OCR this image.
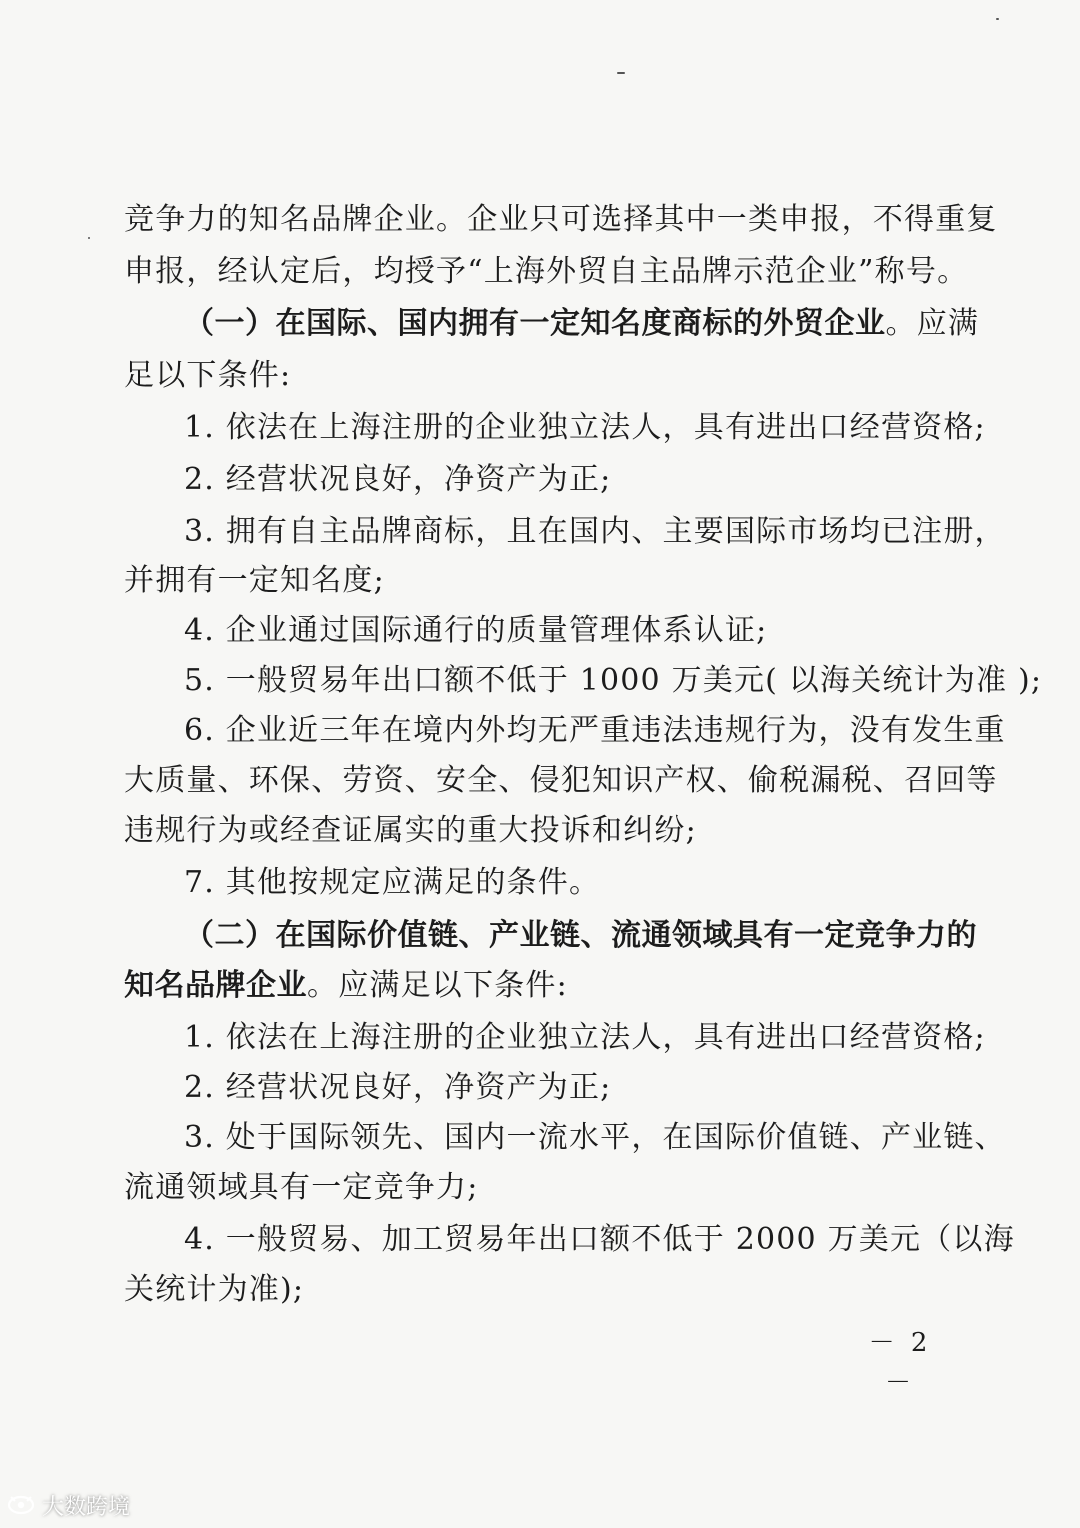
竞争力的知名品牌企业。企业只可选择其中一类申报，不得重复
申报，经认定后，均授予“上海外贸自主品牌示范企业”称号。
（一）在国际、国内拥有一定知名度商标的外贸企业。应满
足以下条件:
1. 依法在上海注册的企业独立法人，具有进出口经营资格;
2. 经营状况良好，净资产为正;
3. 拥有自主品牌商标，且在国内、主要国际市场均已注册，
并拥有一定知名度;
4. 企业通过国际通行的质量管理体系认证;
5. 一般贸易年出口额不低于 1000 万美元( 以海关统计为准 );
6. 企业近三年在境内外均无严重违法违规行为，没有发生重
大质量、环保、劳资、安全、侵犯知识产权、偷税漏税、召回等
违规行为或经查证属实的重大投诉和纠纷;
7. 其他按规定应满足的条件。
（二）在国际价值链、产业链、流通领域具有一定竞争力的
知名品牌企业。应满足以下条件:
1. 依法在上海注册的企业独立法人，具有进出口经营资格;
2. 经营状况良好，净资产为正;
3. 处于国际领先、国内一流水平，在国际价值链、产业链、
流通领域具有一定竞争力;
4. 一般贸易、加工贸易年出口额不低于 2000 万美元（以海
关统计为准);
－ 2 －
大数跨境
